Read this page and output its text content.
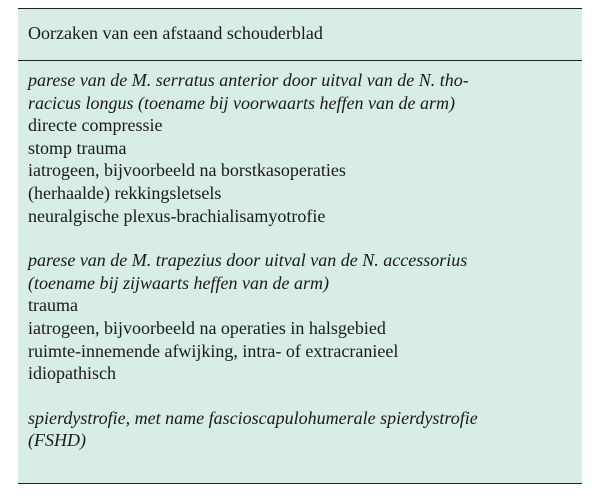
Oorzaken van een afstaand schouderblad
parese van de M. serratus anterior door uitval van de N. tho-
racicus longus (toename bij voorwaarts heffen van de arm)
directe compressie
stomp trauma
iatrogeen, bijvoorbeeld na borstkasoperaties
(herhaalde) rekkingsletsels
neuralgische plexus-brachialisamyotrofie
parese van de M. trapezius door uitval van de N. accessorius
(toename bij zijwaarts heffen van de arm)
trauma
iatrogeen, bijvoorbeeld na operaties in halsgebied
ruimte-innemende afwijking, intra- of extracranieel
idiopathisch
spierdystrofie, met name fascioscapulohumerale spierdystrofie
(FSHD)
